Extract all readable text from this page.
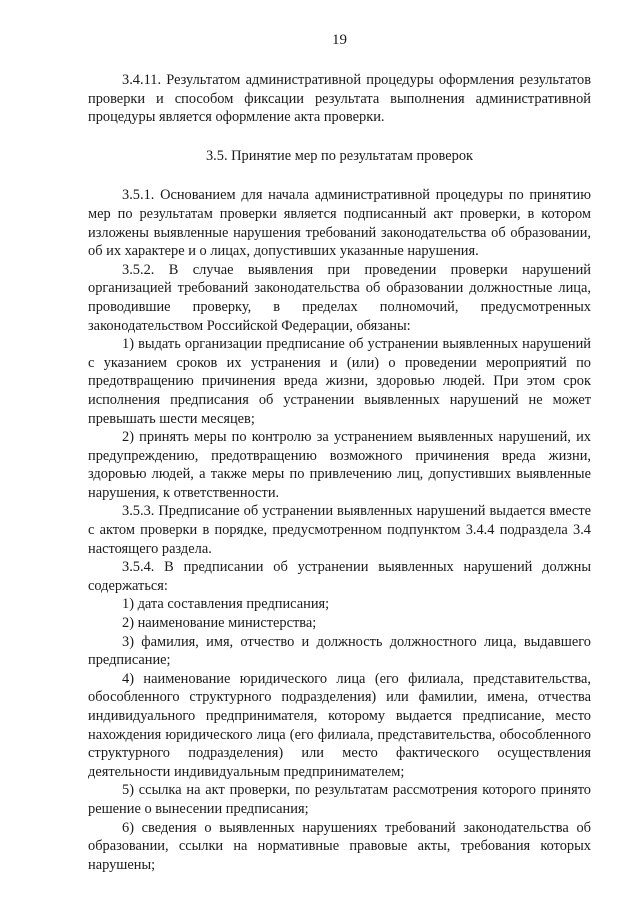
19

3.4.11. Результатом административной процедуры оформления результатов проверки и способом фиксации результата выполнения административной процедуры является оформление акта проверки.

3.5. Принятие мер по результатам проверок

3.5.1. Основанием для начала административной процедуры по принятию мер по результатам проверки является подписанный акт проверки, в котором изложены выявленные нарушения требований законодательства об образовании, об их характере и о лицах, допустивших указанные нарушения.

3.5.2. В случае выявления при проведении проверки нарушений организацией требований законодательства об образовании должностные лица, проводившие проверку, в пределах полномочий, предусмотренных законодательством Российской Федерации, обязаны:

1) выдать организации предписание об устранении выявленных нарушений с указанием сроков их устранения и (или) о проведении мероприятий по предотвращению причинения вреда жизни, здоровью людей. При этом срок исполнения предписания об устранении выявленных нарушений не может превышать шести месяцев;

2) принять меры по контролю за устранением выявленных нарушений, их предупреждению, предотвращению возможного причинения вреда жизни, здоровью людей, а также меры по привлечению лиц, допустивших выявленные нарушения, к ответственности.

3.5.3. Предписание об устранении выявленных нарушений выдается вместе с актом проверки в порядке, предусмотренном подпунктом 3.4.4 подраздела 3.4 настоящего раздела.

3.5.4. В предписании об устранении выявленных нарушений должны содержаться:

1) дата составления предписания;

2) наименование министерства;

3) фамилия, имя, отчество и должность должностного лица, выдавшего предписание;

4) наименование юридического лица (его филиала, представительства, обособленного структурного подразделения) или фамилии, имена, отчества индивидуального предпринимателя, которому выдается предписание, место нахождения юридического лица (его филиала, представительства, обособленного структурного подразделения) или место фактического осуществления деятельности индивидуальным предпринимателем;

5) ссылка на акт проверки, по результатам рассмотрения которого принято решение о вынесении предписания;

6) сведения о выявленных нарушениях требований законодательства об образовании, ссылки на нормативные правовые акты, требования которых нарушены;
